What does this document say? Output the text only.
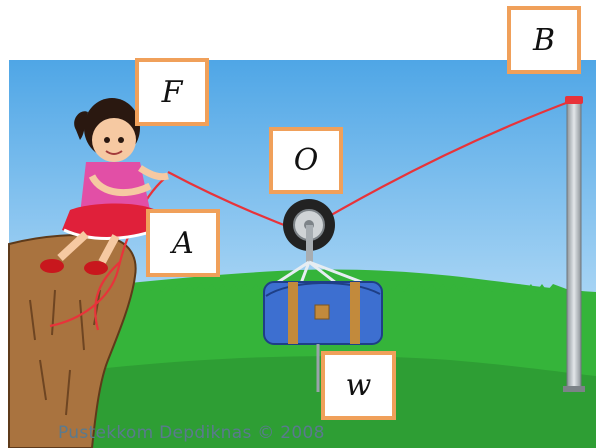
F
O
A
B
w
Pustekkom Depdiknas © 2008
